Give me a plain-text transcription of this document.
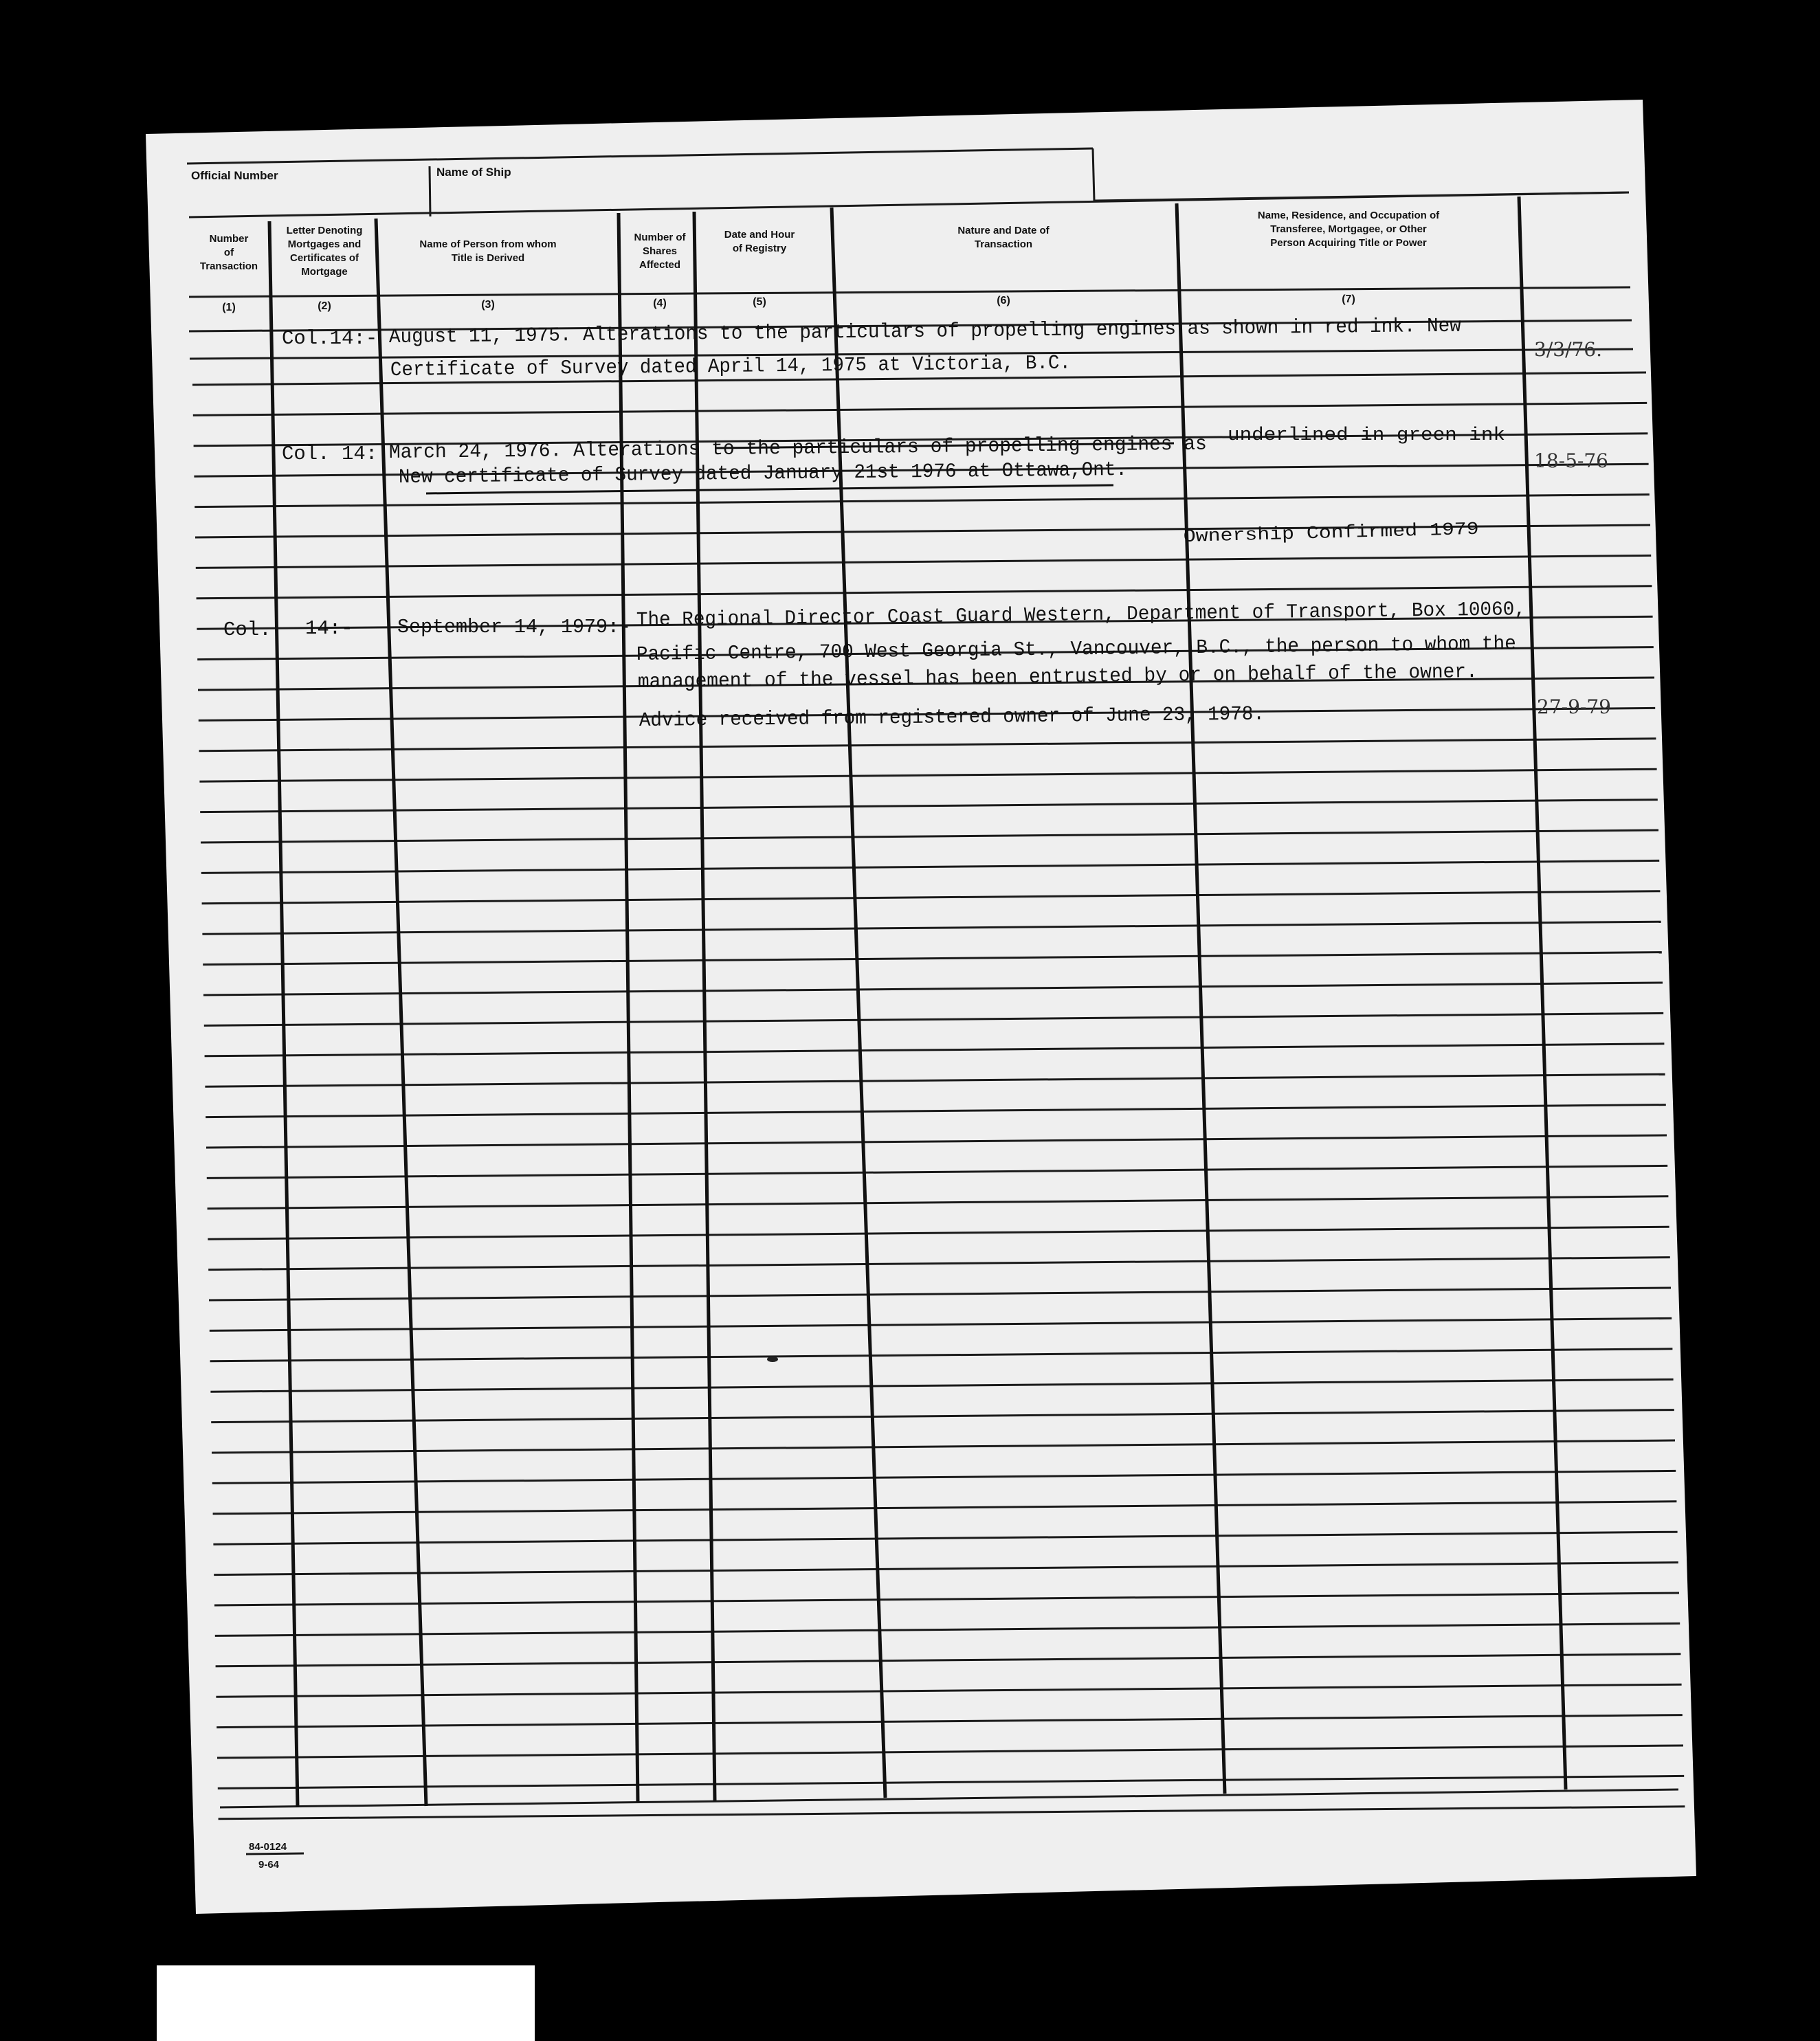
Official Number	Name of Ship
Number
of
Transaction
(1)
Letter Denoting
Mortgages and
Certificates of
Mortgage
(2)
Name of Person from whom
Title is Derived
(3)
Number of
Shares
Affected
(4)
Date and Hour
of Registry
(5)
Nature and Date of
Transaction
(6)
Name, Residence, and Occupation of
Transferee, Mortgagee, or Other
Person Acquiring Title or Power
(7)
Col.14:- August 11, 1975. Alterations to the particulars of propelling engines as shown in red ink. New
Certificate of Survey dated April 14, 1975 at Victoria, B.C.
3/3/76.
Col. 14: March 24, 1976. Alterations to the particulars of propelling engines as
underlined in green ink
New certificate of Survey dated January 21st 1976 at Ottawa,Ont.	18-5-76
Ownership Confirmed 1979
Col. 14:- September 14, 1979:- The Regional Director Coast Guard Western, Department of Transport, Box 10060,
Pacific Centre, 700 West Georgia St., Vancouver, B.C., the person to whom the
management of the vessel has been entrusted by or on behalf of the owner.
Advice received from registered owner of June 23, 1978.	27-9-79
84-0124
9-64
